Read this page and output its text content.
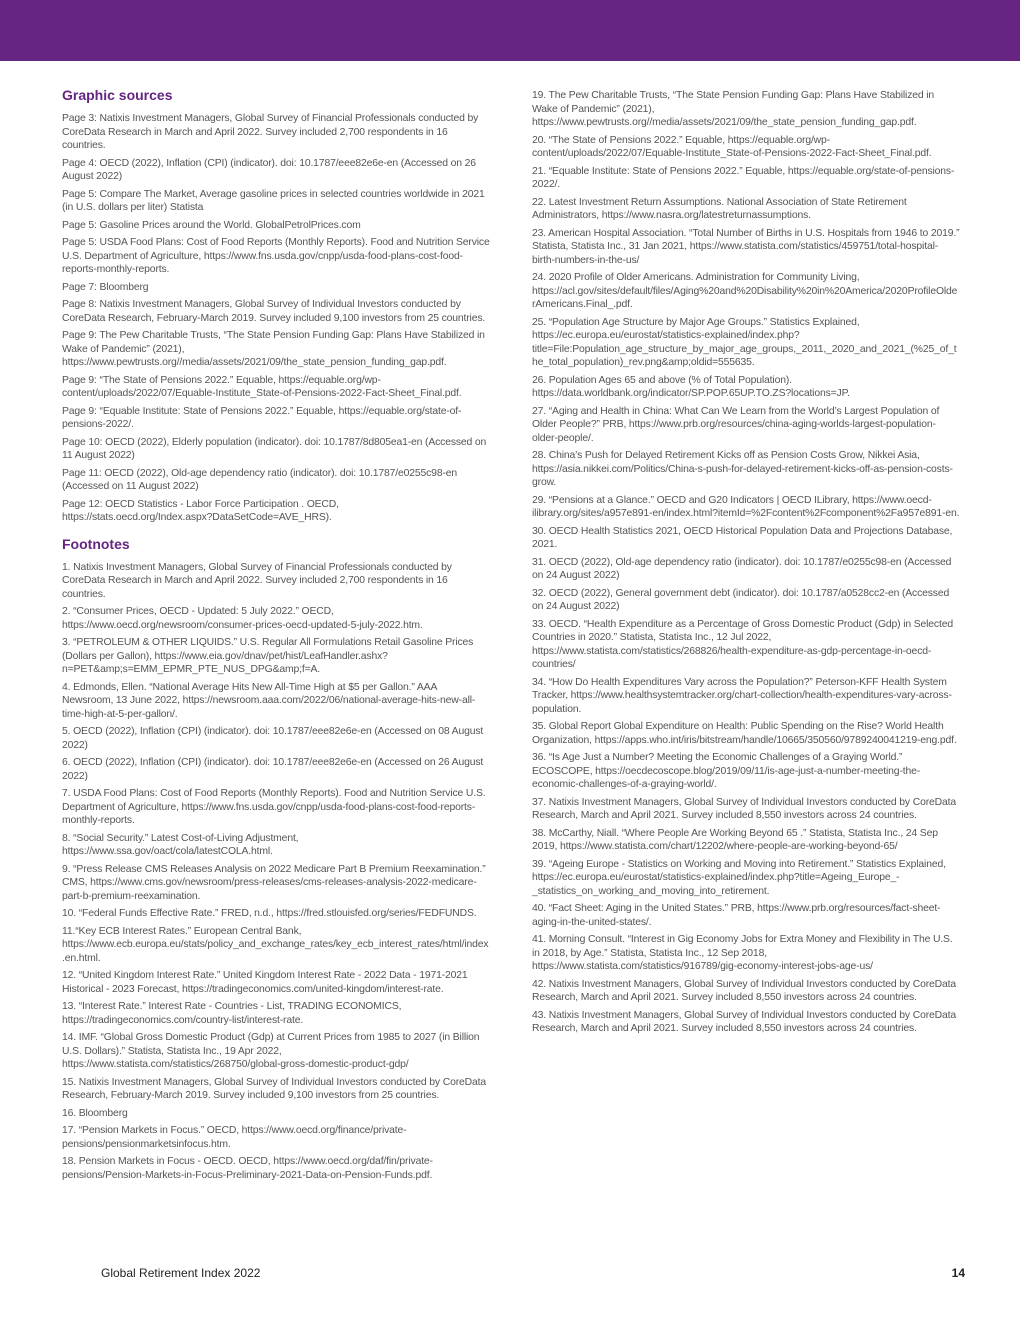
Graphic sources

Page 3: Natixis Investment Managers, Global Survey of Financial Professionals conducted by CoreData Research in March and April 2022. Survey included 2,700 respondents in 16 countries.

Page 4: OECD (2022), Inflation (CPI) (indicator). doi: 10.1787/eee82e6e-en (Accessed on 26 August 2022)

Page 5: Compare The Market, Average gasoline prices in selected countries worldwide in 2021 (in U.S. dollars per liter) Statista

Page 5: Gasoline Prices around the World. GlobalPetrolPrices.com

Page 5: USDA Food Plans: Cost of Food Reports (Monthly Reports). Food and Nutrition Service U.S. Department of Agriculture, https://www.fns.usda.gov/cnpp/usda-food-plans-cost-food-reports-monthly-reports.

Page 7: Bloomberg

Page 8: Natixis Investment Managers, Global Survey of Individual Investors conducted by CoreData Research, February-March 2019. Survey included 9,100 investors from 25 countries.

Page 9: The Pew Charitable Trusts, “The State Pension Funding Gap: Plans Have Stabilized in Wake of Pandemic” (2021), https://www.pewtrusts.org//media/assets/2021/09/the_state_pension_funding_gap.pdf.

Page 9: “The State of Pensions 2022.” Equable, https://equable.org/wp-content/uploads/2022/07/Equable-Institute_State-of-Pensions-2022-Fact-Sheet_Final.pdf.

Page 9: “Equable Institute: State of Pensions 2022.” Equable, https://equable.org/state-of-pensions-2022/.

Page 10: OECD (2022), Elderly population (indicator). doi: 10.1787/8d805ea1-en (Accessed on 11 August 2022)

Page 11: OECD (2022), Old-age dependency ratio (indicator). doi: 10.1787/e0255c98-en (Accessed on 11 August 2022)

Page 12: OECD Statistics - Labor Force Participation . OECD, https://stats.oecd.org/Index.aspx?DataSetCode=AVE_HRS).

Footnotes

1. Natixis Investment Managers, Global Survey of Financial Professionals conducted by CoreData Research in March and April 2022. Survey included 2,700 respondents in 16 countries.

2. “Consumer Prices, OECD - Updated: 5 July 2022.” OECD, https://www.oecd.org/newsroom/consumer-prices-oecd-updated-5-july-2022.htm.

3. “PETROLEUM & OTHER LIQUIDS.” U.S. Regular All Formulations Retail Gasoline Prices (Dollars per Gallon), https://www.eia.gov/dnav/pet/hist/LeafHandler.ashx?n=PET&amp;s=EMM_EPMR_PTE_NUS_DPG&amp;f=A.

4. Edmonds, Ellen. “National Average Hits New All-Time High at $5 per Gallon.” AAA Newsroom, 13 June 2022, https://newsroom.aaa.com/2022/06/national-average-hits-new-all-time-high-at-5-per-gallon/.

5. OECD (2022), Inflation (CPI) (indicator). doi: 10.1787/eee82e6e-en (Accessed on 08 August 2022)

6. OECD (2022), Inflation (CPI) (indicator). doi: 10.1787/eee82e6e-en (Accessed on 26 August 2022)

7. USDA Food Plans: Cost of Food Reports (Monthly Reports). Food and Nutrition Service U.S. Department of Agriculture, https://www.fns.usda.gov/cnpp/usda-food-plans-cost-food-reports-monthly-reports.

8. “Social Security.” Latest Cost-of-Living Adjustment, https://www.ssa.gov/oact/cola/latestCOLA.html.

9. “Press Release CMS Releases Analysis on 2022 Medicare Part B Premium Reexamination.” CMS, https://www.cms.gov/newsroom/press-releases/cms-releases-analysis-2022-medicare-part-b-premium-reexamination.

10. “Federal Funds Effective Rate.” FRED, n.d., https://fred.stlouisfed.org/series/FEDFUNDS.

11.“Key ECB Interest Rates.” European Central Bank, https://www.ecb.europa.eu/stats/policy_and_exchange_rates/key_ecb_interest_rates/html/index.en.html.

12. “United Kingdom Interest Rate.” United Kingdom Interest Rate - 2022 Data - 1971-2021 Historical - 2023 Forecast, https://tradingeconomics.com/united-kingdom/interest-rate.

13. “Interest Rate.” Interest Rate - Countries - List, TRADING ECONOMICS, https://tradingeconomics.com/country-list/interest-rate.

14. IMF. “Global Gross Domestic Product (Gdp) at Current Prices from 1985 to 2027 (in Billion U.S. Dollars).” Statista, Statista Inc., 19 Apr 2022, https://www.statista.com/statistics/268750/global-gross-domestic-product-gdp/

15. Natixis Investment Managers, Global Survey of Individual Investors conducted by CoreData Research, February-March 2019. Survey included 9,100 investors from 25 countries.

16. Bloomberg

17. “Pension Markets in Focus.” OECD, https://www.oecd.org/finance/private-pensions/pensionmarketsinfocus.htm.

18. Pension Markets in Focus - OECD. OECD, https://www.oecd.org/daf/fin/private-pensions/Pension-Markets-in-Focus-Preliminary-2021-Data-on-Pension-Funds.pdf.

19. The Pew Charitable Trusts, “The State Pension Funding Gap: Plans Have Stabilized in Wake of Pandemic” (2021), https://www.pewtrusts.org//media/assets/2021/09/the_state_pension_funding_gap.pdf.

20. “The State of Pensions 2022.” Equable, https://equable.org/wp-content/uploads/2022/07/Equable-Institute_State-of-Pensions-2022-Fact-Sheet_Final.pdf.

21. “Equable Institute: State of Pensions 2022.” Equable, https://equable.org/state-of-pensions-2022/.

22. Latest Investment Return Assumptions. National Association of State Retirement Administrators, https://www.nasra.org/latestreturnassumptions.

23. American Hospital Association. “Total Number of Births in U.S. Hospitals from 1946 to 2019.” Statista, Statista Inc., 31 Jan 2021, https://www.statista.com/statistics/459751/total-hospital-birth-numbers-in-the-us/

24. 2020 Profile of Older Americans. Administration for Community Living, https://acl.gov/sites/default/files/Aging%20and%20Disability%20in%20America/2020ProfileOlderAmericans.Final_.pdf.

25. “Population Age Structure by Major Age Groups.” Statistics Explained, https://ec.europa.eu/eurostat/statistics-explained/index.php?title=File:Population_age_structure_by_major_age_groups,_2011,_2020_and_2021_(%25_of_the_total_population)_rev.png&amp;oldid=555635.

26. Population Ages 65 and above (% of Total Population). https://data.worldbank.org/indicator/SP.POP.65UP.TO.ZS?locations=JP.

27. “Aging and Health in China: What Can We Learn from the World’s Largest Population of Older People?” PRB, https://www.prb.org/resources/china-aging-worlds-largest-population-older-people/.

28. China’s Push for Delayed Retirement Kicks off as Pension Costs Grow, Nikkei Asia, https://asia.nikkei.com/Politics/China-s-push-for-delayed-retirement-kicks-off-as-pension-costs-grow.

29. “Pensions at a Glance.” OECD and G20 Indicators | OECD ILibrary, https://www.oecd-ilibrary.org/sites/a957e891-en/index.html?itemId=%2Fcontent%2Fcomponent%2Fa957e891-en.

30. OECD Health Statistics 2021, OECD Historical Population Data and Projections Database, 2021.

31. OECD (2022), Old-age dependency ratio (indicator). doi: 10.1787/e0255c98-en (Accessed on 24 August 2022)

32. OECD (2022), General government debt (indicator). doi: 10.1787/a0528cc2-en (Accessed on 24 August 2022)

33. OECD. “Health Expenditure as a Percentage of Gross Domestic Product (Gdp) in Selected Countries in 2020.” Statista, Statista Inc., 12 Jul 2022, https://www.statista.com/statistics/268826/health-expenditure-as-gdp-percentage-in-oecd-countries/

34. “How Do Health Expenditures Vary across the Population?” Peterson-KFF Health System Tracker, https://www.healthsystemtracker.org/chart-collection/health-expenditures-vary-across-population.

35. Global Report Global Expenditure on Health: Public Spending on the Rise? World Health Organization, https://apps.who.int/iris/bitstream/handle/10665/350560/9789240041219-eng.pdf.

36. “Is Age Just a Number? Meeting the Economic Challenges of a Graying World.” ECOSCOPE, https://oecdecoscope.blog/2019/09/11/is-age-just-a-number-meeting-the-economic-challenges-of-a-graying-world/.

37. Natixis Investment Managers, Global Survey of Individual Investors conducted by CoreData Research, March and April 2021. Survey included 8,550 investors across 24 countries.

38. McCarthy, Niall. “Where People Are Working Beyond 65 .” Statista, Statista Inc., 24 Sep 2019, https://www.statista.com/chart/12202/where-people-are-working-beyond-65/

39. “Ageing Europe - Statistics on Working and Moving into Retirement.” Statistics Explained, https://ec.europa.eu/eurostat/statistics-explained/index.php?title=Ageing_Europe_-_statistics_on_working_and_moving_into_retirement.

40. “Fact Sheet: Aging in the United States.” PRB, https://www.prb.org/resources/fact-sheet-aging-in-the-united-states/.

41. Morning Consult. “Interest in Gig Economy Jobs for Extra Money and Flexibility in The U.S. in 2018, by Age.” Statista, Statista Inc., 12 Sep 2018, https://www.statista.com/statistics/916789/gig-economy-interest-jobs-age-us/

42. Natixis Investment Managers, Global Survey of Individual Investors conducted by CoreData Research, March and April 2021. Survey included 8,550 investors across 24 countries.

43. Natixis Investment Managers, Global Survey of Individual Investors conducted by CoreData Research, March and April 2021. Survey included 8,550 investors across 24 countries.

Global Retirement Index 2022	14
